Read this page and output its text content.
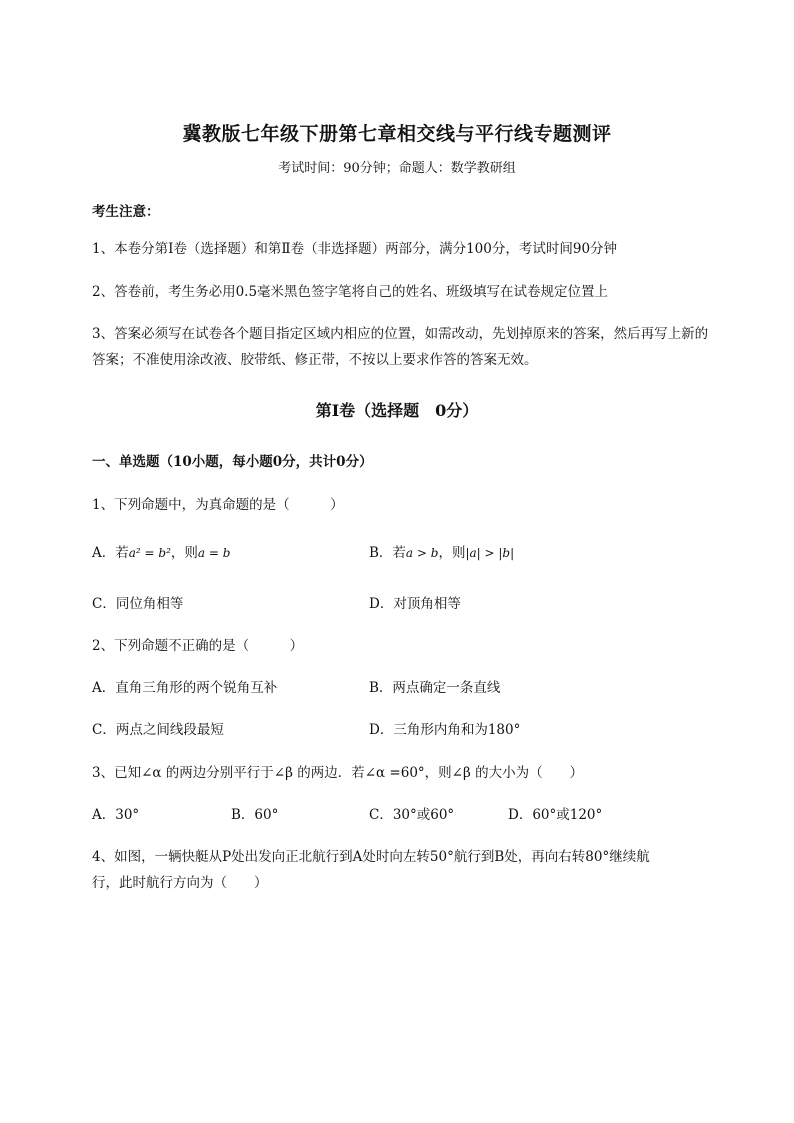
冀教版七年级下册第七章相交线与平行线专题测评
考试时间：90分钟；命题人：数学教研组
考生注意：
1、本卷分第Ⅰ卷（选择题）和第Ⅱ卷（非选择题）两部分，满分100分，考试时间90分钟
2、答卷前，考生务必用0.5毫米黑色签字笔将自己的姓名、班级填写在试卷规定位置上
3、答案必须写在试卷各个题目指定区域内相应的位置，如需改动，先划掉原来的答案，然后再写上新的答案；不准使用涂改液、胶带纸、修正带，不按以上要求作答的答案无效。
第Ⅰ卷（选择题　0分）
一、单选题（10小题，每小题0分，共计0分）
1、下列命题中，为真命题的是（　　　）
A．若a² = b²，则a = b	B．若a > b，则|a| > |b|
C．同位角相等	D．对顶角相等
2、下列命题不正确的是（　　　）
A．直角三角形的两个锐角互补	B．两点确定一条直线
C．两点之间线段最短	D．三角形内角和为180°
3、已知∠α 的两边分别平行于∠β 的两边．若∠α =60°，则∠β 的大小为（　　）
A．30°	B．60°	C．30°或60°	D．60°或120°
4、如图，一辆快艇从P处出发向正北航行到A处时向左转50°航行到B处，再向右转80°继续航
行，此时航行方向为（　　）
